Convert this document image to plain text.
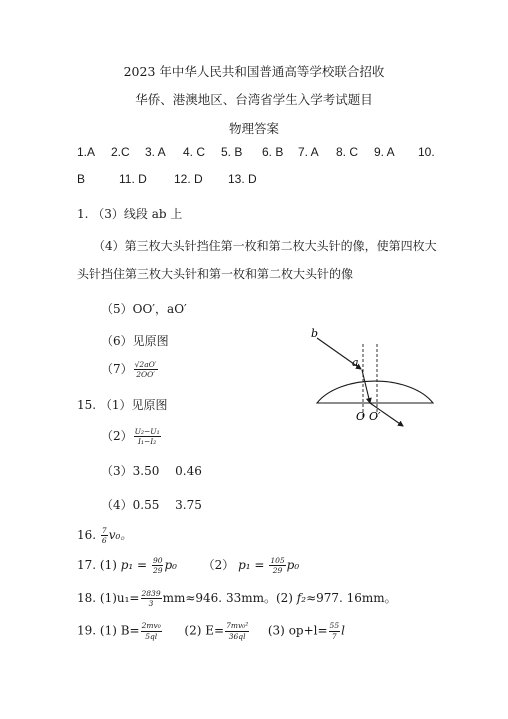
2023 年中华人民共和国普通高等学校联合招收
华侨、港澳地区、台湾省学生入学考试题目
物理答案
1.A 2.C 3. A 4. C 5. B 6. B 7. A 8. C 9. A 10.
B	11. D 12. D 13. D
1. （3）线段 ab 上
（4）第三枚大头针挡住第一枚和第二枚大头针的像，使第四枚大
头针挡住第三枚大头针和第一枚和第二枚大头针的像
（5）OO′，aO′
（6）见原图
$(7) \frac{√2aO'}{2OO'}$
b
a
O O′
15. （1）见原图
$(2) \frac{\text{U₂−U₁}}{\text{I₁−I₂}}$
（3）3.50　 0.46
（4）0.55　 3.75
16. $\frac{7}{6} v_0$。
17. (1) $p_1 = \frac{90}{29} p_0$ （2） $p_1 = \frac{105}{29} p_0$
18. $(1)u_1= \frac{2839}{3} mm\approx 946$. 33mm。(2) f₂≈977. 16mm。
19. (1) $B= \frac{\text{2mv₀}}{5ql} (2)$ $E= \frac{\text{7mv₀²}}{36ql} (3)$ $op+l= \frac{55}{7}$ l
